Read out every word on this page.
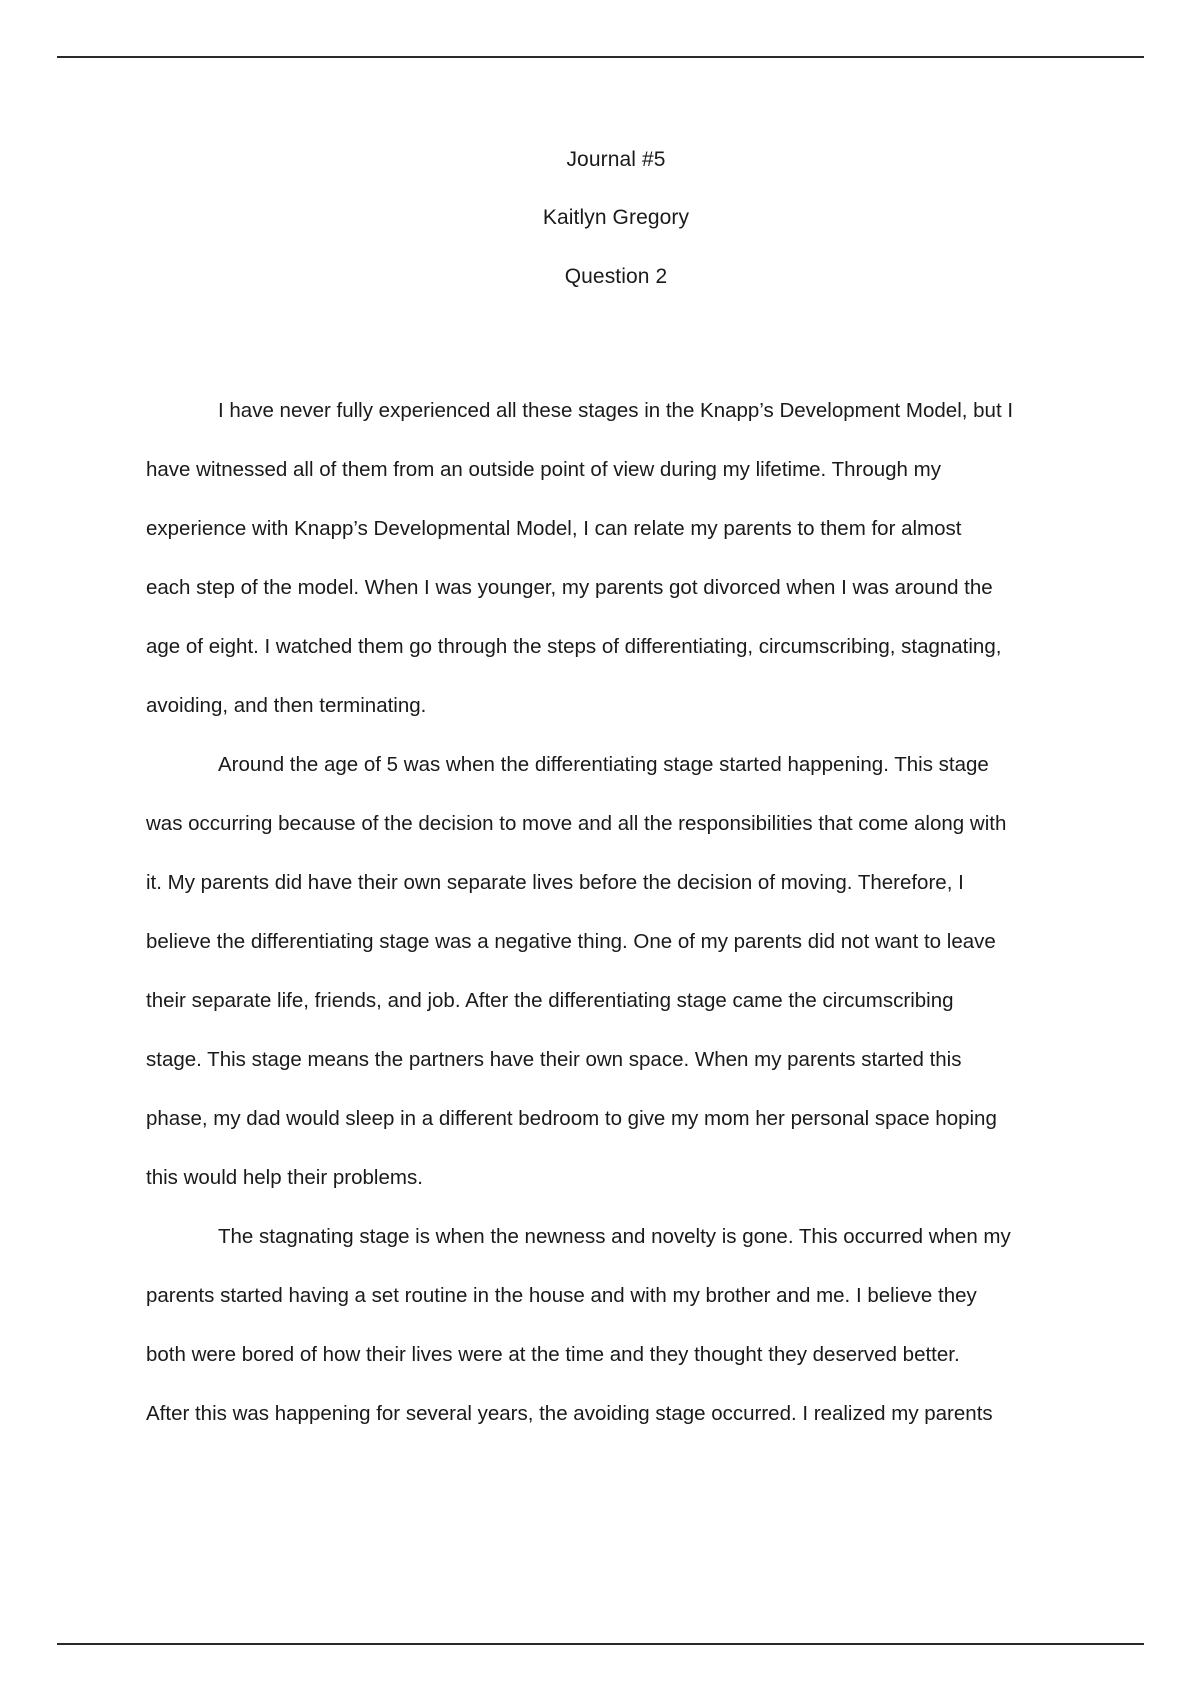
Journal #5
Kaitlyn Gregory
Question 2

I have never fully experienced all these stages in the Knapp’s Development Model, but I
have witnessed all of them from an outside point of view during my lifetime. Through my
experience with Knapp’s Developmental Model, I can relate my parents to them for almost
each step of the model. When I was younger, my parents got divorced when I was around the
age of eight. I watched them go through the steps of differentiating, circumscribing, stagnating,
avoiding, and then terminating.

Around the age of 5 was when the differentiating stage started happening. This stage
was occurring because of the decision to move and all the responsibilities that come along with
it. My parents did have their own separate lives before the decision of moving. Therefore, I
believe the differentiating stage was a negative thing. One of my parents did not want to leave
their separate life, friends, and job. After the differentiating stage came the circumscribing
stage. This stage means the partners have their own space. When my parents started this
phase, my dad would sleep in a different bedroom to give my mom her personal space hoping
this would help their problems.

The stagnating stage is when the newness and novelty is gone. This occurred when my
parents started having a set routine in the house and with my brother and me. I believe they
both were bored of how their lives were at the time and they thought they deserved better.
After this was happening for several years, the avoiding stage occurred. I realized my parents
